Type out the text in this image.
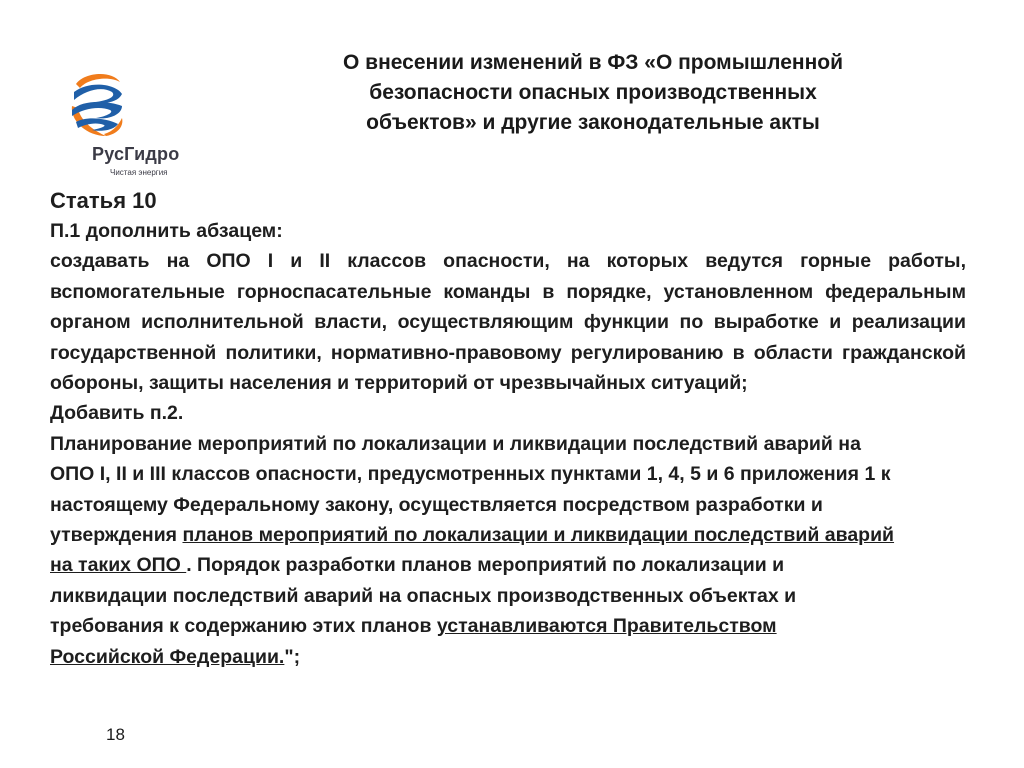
РусГидро
Чистая энергия
О внесении изменений в ФЗ «О промышленной
безопасности опасных производственных
объектов» и другие законодательные акты
Статья 10
П.1 дополнить абзацем:
создавать на ОПО I и II классов опасности, на которых ведутся горные работы, вспомогательные горноспасательные команды в порядке, установленном федеральным органом исполнительной власти, осуществляющим функции по выработке и реализации государственной политики, нормативно-правовому регулированию в области гражданской обороны, защиты населения и территорий от чрезвычайных ситуаций;
Добавить п.2.
Планирование мероприятий по локализации и ликвидации последствий аварий на
ОПО I, II и III классов опасности, предусмотренных пунктами 1, 4, 5 и 6 приложения 1 к
настоящему Федеральному закону, осуществляется посредством разработки и
утверждения планов мероприятий по локализации и ликвидации последствий аварий
на таких ОПО . Порядок разработки планов мероприятий по локализации и
ликвидации последствий аварий на опасных производственных объектах и
требования к содержанию этих планов устанавливаются Правительством
Российской Федерации.";
18
